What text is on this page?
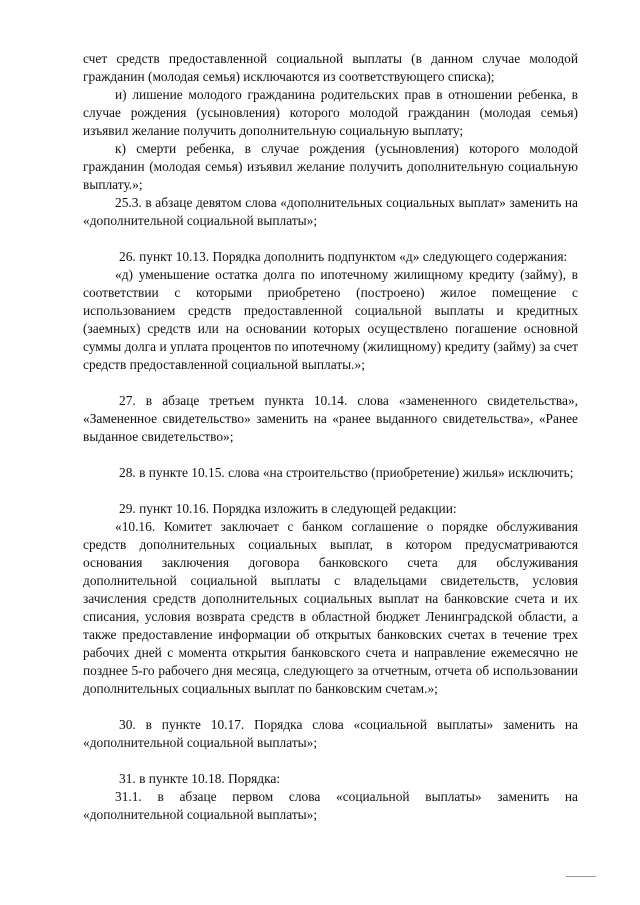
счет средств предоставленной социальной выплаты (в данном случае молодой гражданин (молодая семья) исключаются из соответствующего списка);

и) лишение молодого гражданина родительских прав в отношении ребенка, в случае рождения (усыновления) которого молодой гражданин (молодая семья) изъявил желание получить дополнительную социальную выплату;

к) смерти ребенка, в случае рождения (усыновления) которого молодой гражданин (молодая семья) изъявил желание получить дополнительную социальную выплату.»;

25.3. в абзаце девятом слова «дополнительных социальных выплат» заменить на «дополнительной социальной выплаты»;

26. пункт 10.13. Порядка дополнить подпунктом «д» следующего содержания:

«д) уменьшение остатка долга по ипотечному жилищному кредиту (займу), в соответствии с которыми приобретено (построено) жилое помещение с использованием средств предоставленной социальной выплаты и кредитных (заемных) средств или на основании которых осуществлено погашение основной суммы долга и уплата процентов по ипотечному (жилищному) кредиту (займу) за счет средств предоставленной социальной выплаты.»;

27. в абзаце третьем пункта 10.14. слова «замененного свидетельства», «Замененное свидетельство» заменить на «ранее выданного свидетельства», «Ранее выданное свидетельство»;

28. в пункте 10.15. слова «на строительство (приобретение) жилья» исключить;

29. пункт 10.16. Порядка изложить в следующей редакции:

«10.16. Комитет заключает с банком соглашение о порядке обслуживания средств дополнительных социальных выплат, в котором предусматриваются основания заключения договора банковского счета для обслуживания дополнительной социальной выплаты с владельцами свидетельств, условия зачисления средств дополнительных социальных выплат на банковские счета и их списания, условия возврата средств в областной бюджет Ленинградской области, а также предоставление информации об открытых банковских счетах в течение трех рабочих дней с момента открытия банковского счета и направление ежемесячно не позднее 5-го рабочего дня месяца, следующего за отчетным, отчета об использовании дополнительных социальных выплат по банковским счетам.»;

30. в пункте 10.17. Порядка слова «социальной выплаты» заменить на «дополнительной социальной выплаты»;

31. в пункте 10.18. Порядка:

31.1. в абзаце первом слова «социальной выплаты» заменить на «дополнительной социальной выплаты»;
